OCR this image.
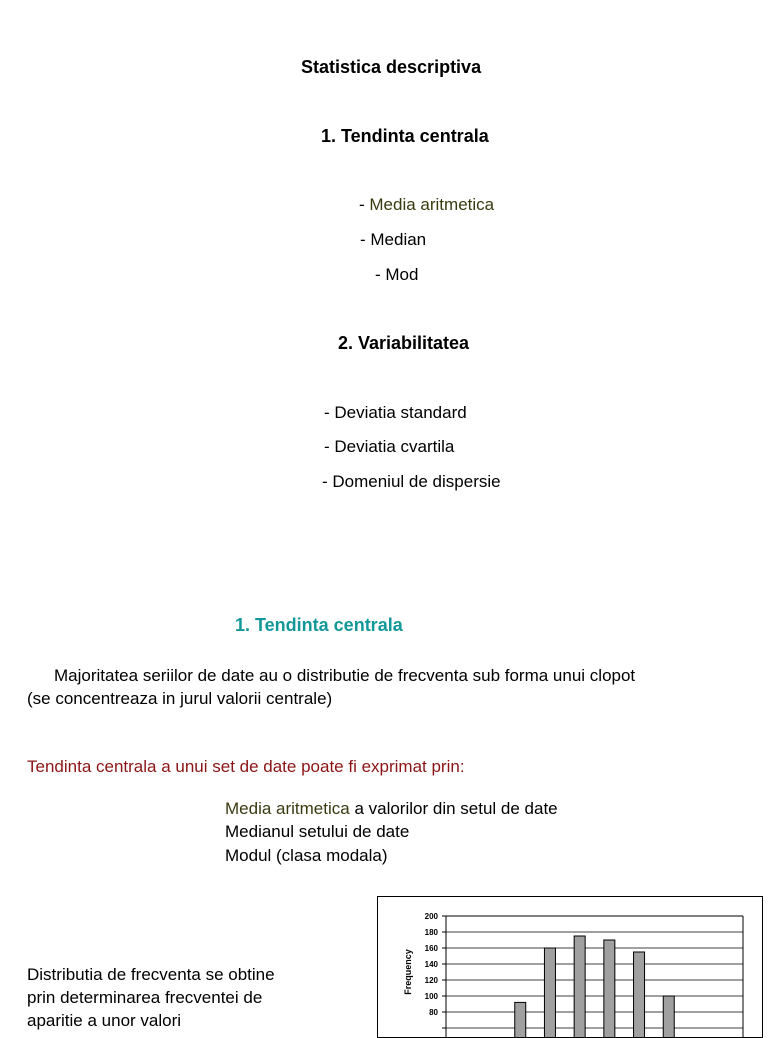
Statistica descriptiva
1. Tendinta centrala
- Media aritmetica
- Median
- Mod
2. Variabilitatea
- Deviatia standard
- Deviatia cvartila
- Domeniul de dispersie
1. Tendinta centrala
Majoritatea seriilor de date au o distributie de frecventa sub forma unui clopot
(se concentreaza in jurul valorii centrale)
Tendinta centrala a unui set de date poate fi exprimat prin:
Media aritmetica a valorilor din setul de date
Medianul setului de date
Modul (clasa modala)
Distributia de frecventa se obtine
prin determinarea frecventei de
aparitie a unor valori
200
180
160
140
120
100
80
Frequency
